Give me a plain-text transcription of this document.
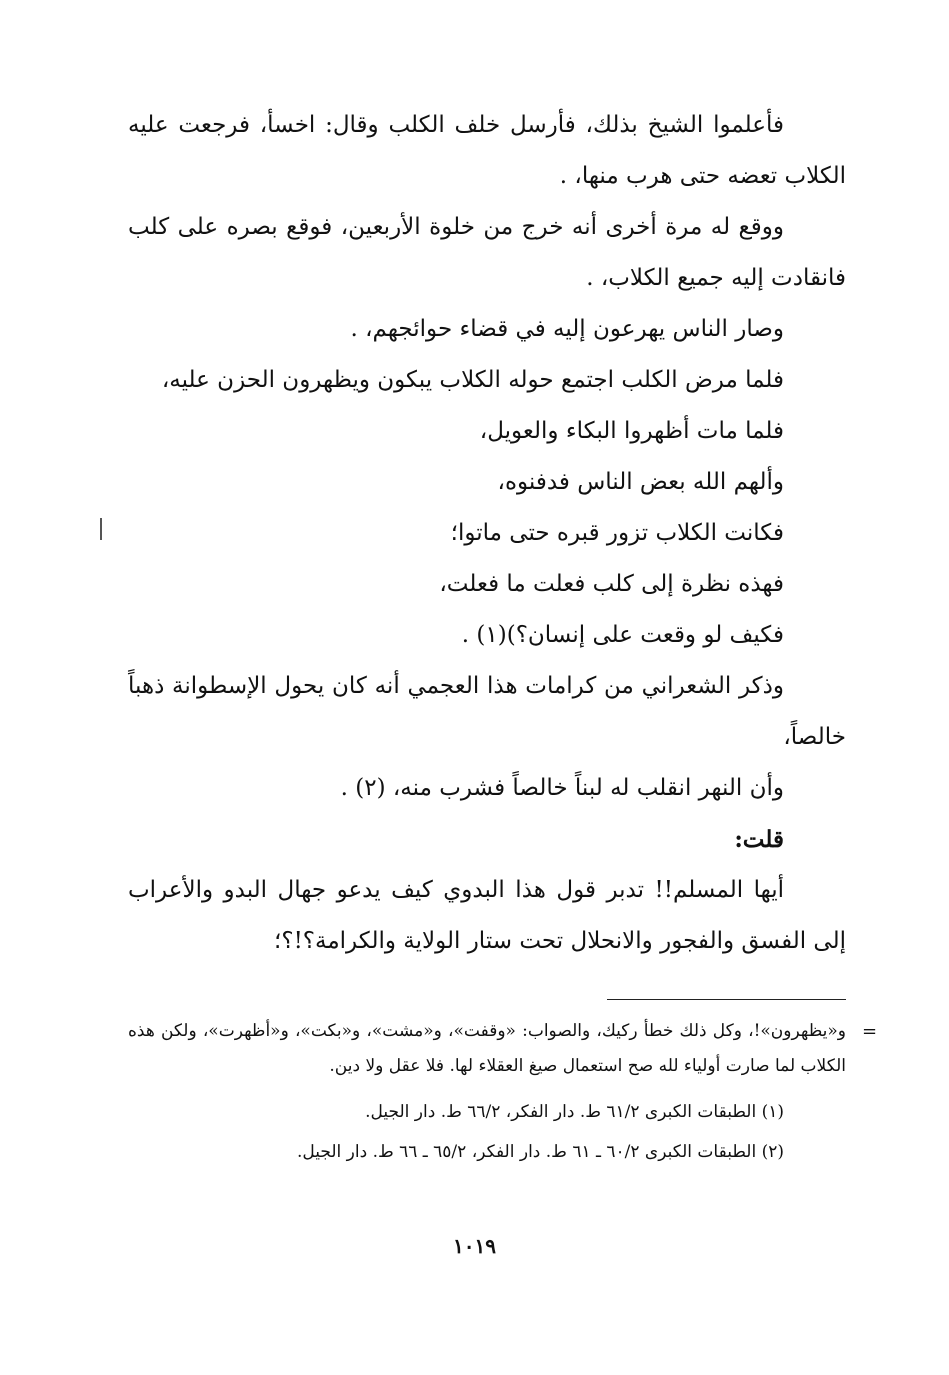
فأعلموا الشيخ بذلك، فأرسل خلف الكلب وقال: اخسأ، فرجعت عليه الكلاب تعضه حتى هرب منها، .

ووقع له مرة أخرى أنه خرج من خلوة الأربعين، فوقع بصره على كلب فانقادت إليه جميع الكلاب، .

وصار الناس يهرعون إليه في قضاء حوائجهم، .

فلما مرض الكلب اجتمع حوله الكلاب يبكون ويظهرون الحزن عليه،

فلما مات أظهروا البكاء والعويل،

وألهم الله بعض الناس فدفنوه،

فكانت الكلاب تزور قبره حتى ماتوا؛

فهذه نظرة إلى كلب فعلت ما فعلت،

فكيف لو وقعت على إنسان؟)(١) .

وذكر الشعراني من كرامات هذا العجمي أنه كان يحول الإسطوانة ذهباً خالصاً،

وأن النهر انقلب له لبناً خالصاً فشرب منه، (٢) .

قلت:

أيها المسلم!! تدبر قول هذا البدوي كيف يدعو جهال البدو والأعراب إلى الفسق والفجور والانحلال تحت ستار الولاية والكرامة؟!؟؛

=

و«يظهرون»!، وكل ذلك خطأ ركيك، والصواب: «وقفت»، و«مشت»، و«بكت»، و«أظهرت»، ولكن هذه الكلاب لما صارت أولياء لله صح استعمال صيغ العقلاء لها. فلا عقل ولا دين.

(١) الطبقات الكبرى ٦١/٢ ط. دار الفكر، ٦٦/٢ ط. دار الجيل.

(٢) الطبقات الكبرى ٦٠/٢ ـ ٦١ ط. دار الفكر، ٦٥/٢ ـ ٦٦ ط. دار الجيل.

١٠١٩
